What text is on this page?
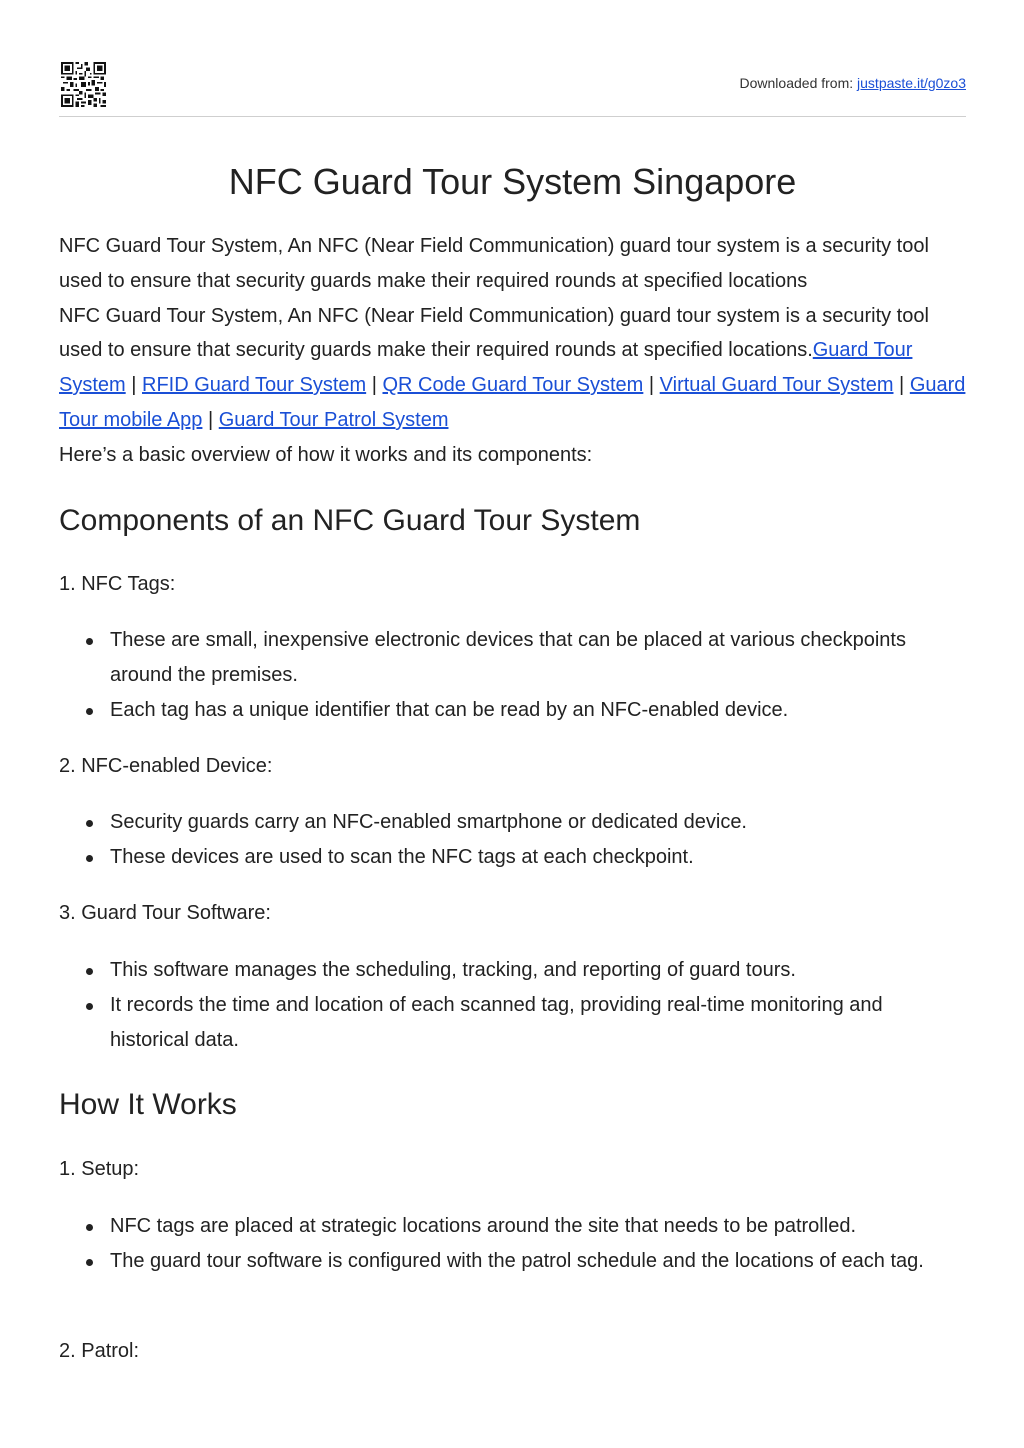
Downloaded from: justpaste.it/g0zo3
NFC Guard Tour System Singapore

NFC Guard Tour System, An NFC (Near Field Communication) guard tour system is a security tool used to ensure that security guards make their required rounds at specified locations

NFC Guard Tour System, An NFC (Near Field Communication) guard tour system is a security tool used to ensure that security guards make their required rounds at specified locations.Guard Tour System | RFID Guard Tour System | QR Code Guard Tour System | Virtual Guard Tour System | Guard Tour mobile App | Guard Tour Patrol System

Here’s a basic overview of how it works and its components:

Components of an NFC Guard Tour System

1. NFC Tags:

These are small, inexpensive electronic devices that can be placed at various checkpoints around the premises.
Each tag has a unique identifier that can be read by an NFC-enabled device.

2. NFC-enabled Device:

Security guards carry an NFC-enabled smartphone or dedicated device.
These devices are used to scan the NFC tags at each checkpoint.

3. Guard Tour Software:

This software manages the scheduling, tracking, and reporting of guard tours.
It records the time and location of each scanned tag, providing real-time monitoring and historical data.
How It Works

1. Setup:

NFC tags are placed at strategic locations around the site that needs to be patrolled.
The guard tour software is configured with the patrol schedule and the locations of each tag.

2. Patrol:
